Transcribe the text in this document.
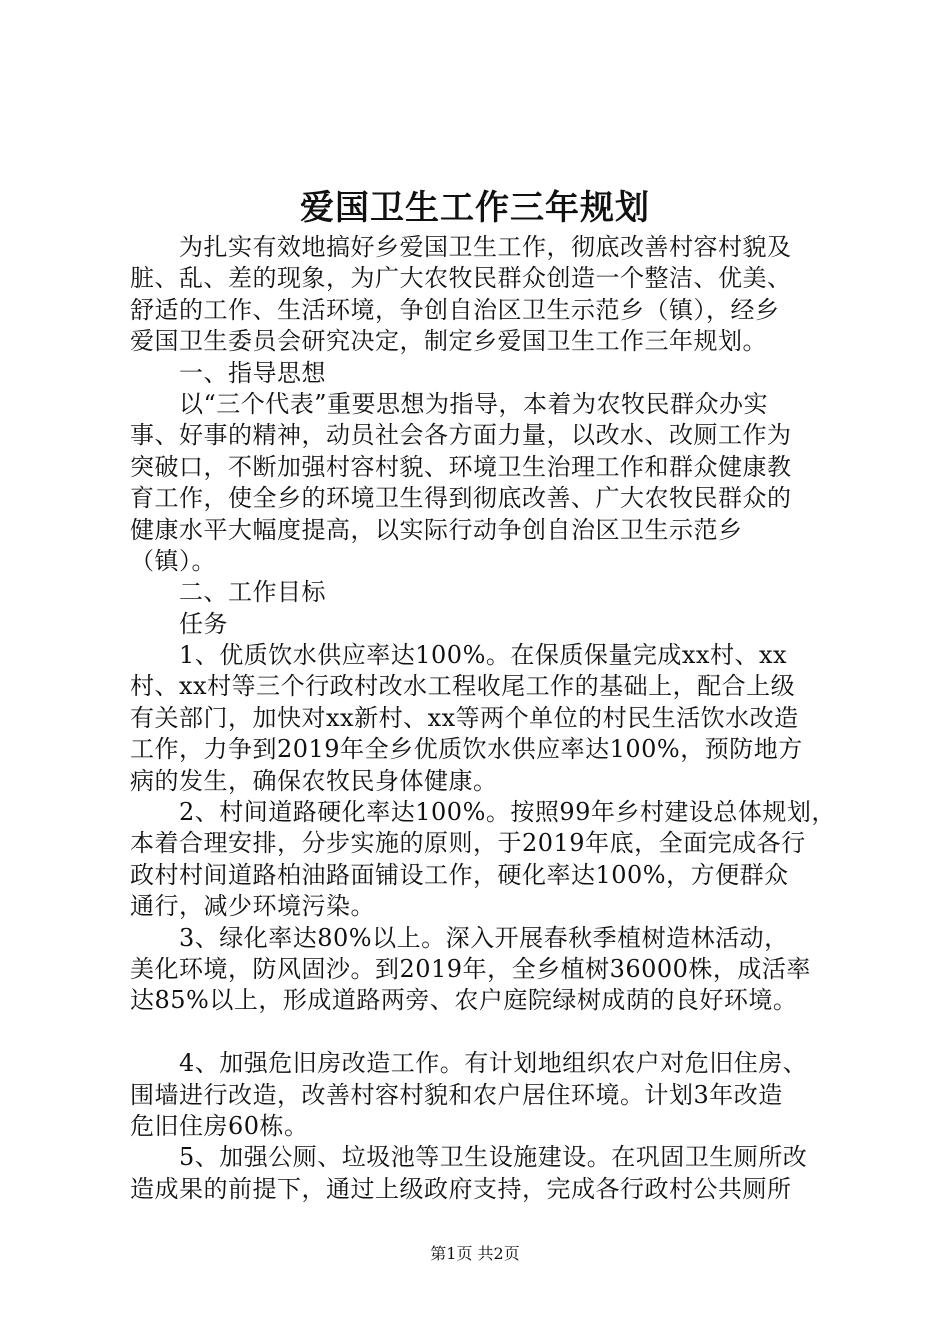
爱国卫生工作三年规划
　　为扎实有效地搞好乡爱国卫生工作，彻底改善村容村貌及
脏、乱、差的现象，为广大农牧民群众创造一个整洁、优美、
舒适的工作、生活环境，争创自治区卫生示范乡（镇），经乡
爱国卫生委员会研究决定，制定乡爱国卫生工作三年规划。
　　一、指导思想
　　以“三个代表”重要思想为指导，本着为农牧民群众办实
事、好事的精神，动员社会各方面力量，以改水、改厕工作为
突破口，不断加强村容村貌、环境卫生治理工作和群众健康教
育工作，使全乡的环境卫生得到彻底改善、广大农牧民群众的
健康水平大幅度提高，以实际行动争创自治区卫生示范乡
（镇）。
　　二、工作目标
　　任务
　　1、优质饮水供应率达100%。在保质保量完成xx村、xx
村、xx村等三个行政村改水工程收尾工作的基础上，配合上级
有关部门，加快对xx新村、xx等两个单位的村民生活饮水改造
工作，力争到2019年全乡优质饮水供应率达100%，预防地方
病的发生，确保农牧民身体健康。
　　2、村间道路硬化率达100%。按照99年乡村建设总体规划，
本着合理安排，分步实施的原则，于2019年底，全面完成各行
政村村间道路柏油路面铺设工作，硬化率达100%，方便群众
通行，减少环境污染。
　　3、绿化率达80%以上。深入开展春秋季植树造林活动，
美化环境，防风固沙。到2019年，全乡植树36000株，成活率
达85%以上，形成道路两旁、农户庭院绿树成荫的良好环境。
　　4、加强危旧房改造工作。有计划地组织农户对危旧住房、
围墙进行改造，改善村容村貌和农户居住环境。计划3年改造
危旧住房60栋。
　　5、加强公厕、垃圾池等卫生设施建设。在巩固卫生厕所改
造成果的前提下，通过上级政府支持，完成各行政村公共厕所
第1页 共2页
